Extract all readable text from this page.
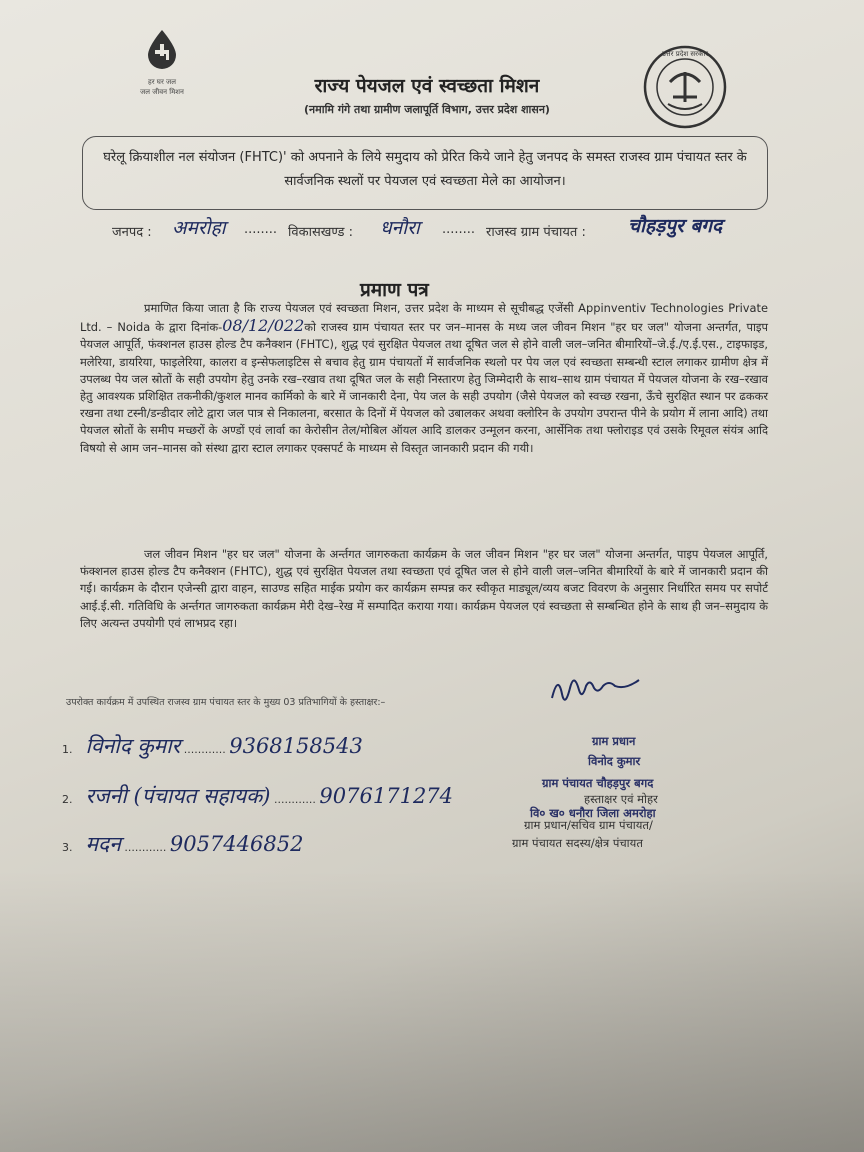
हर घर जल
जल जीवन मिशन	राज्य पेयजल एवं स्वच्छता मिशन
(नमामि गंगे तथा ग्रामीण जलापूर्ति विभाग, उत्तर प्रदेश शासन)
उत्तर प्रदेश सरकार
घरेलू क्रियाशील नल संयोजन (FHTC)' को अपनाने के लिये समुदाय को प्रेरित किये जाने हेतु जनपद के समस्त राजस्व ग्राम पंचायत स्तर के सार्वजनिक स्थलों पर पेयजल एवं स्वच्छता मेले का आयोजन।
जनपद : अमरोहा ........ विकासखण्ड : धनौरा ........ राजस्व ग्राम पंचायत : चौहड़पुर बगद
प्रमाण पत्र
प्रमाणित किया जाता है कि राज्य पेयजल एवं स्वच्छता मिशन, उत्तर प्रदेश के माध्यम से सूचीबद्ध एजेंसी Appinventiv Technologies Private Ltd. – Noida के द्वारा दिनांक-08/12/022को राजस्व ग्राम पंचायत स्तर पर जन–मानस के मध्य जल जीवन मिशन "हर घर जल" योजना अन्तर्गत, पाइप पेयजल आपूर्ति, फंक्शनल हाउस होल्ड टैप कनैक्शन (FHTC), शुद्ध एवं सुरक्षित पेयजल तथा दूषित जल से होने वाली जल–जनित बीमारियों–जे.ई./ए.ई.एस., टाइफाइड, मलेरिया, डायरिया, फाइलेरिया, कालरा व इन्सेफलाइटिस से बचाव हेतु ग्राम पंचायतों में सार्वजनिक स्थलो पर पेय जल एवं स्वच्छता सम्बन्धी स्टाल लगाकर ग्रामीण क्षेत्र में उपलब्ध पेय जल स्रोतों के सही उपयोग हेतु उनके रख–रखाव तथा दूषित जल के सही निस्तारण हेतु जिम्मेदारी के साथ–साथ ग्राम पंचायत में पेयजल योजना के रख–रखाव हेतु आवश्यक प्रशिक्षित तकनीकी/कुशल मानव कार्मिको के बारे में जानकारी देना, पेय जल के सही उपयोग (जैसे पेयजल को स्वच्छ रखना, ऊँचे सुरक्षित स्थान पर ढककर रखना तथा टस्नी/डन्डीदार लोटे द्वारा जल पात्र से निकालना, बरसात के दिनों में पेयजल को उबालकर अथवा क्लोरिन के उपयोग उपरान्त पीने के प्रयोग में लाना आदि) तथा पेयजल स्रोतों के समीप मच्छरों के अण्डों एवं लार्वा का केरोसीन तेल/मोबिल ऑयल आदि डालकर उन्मूलन करना, आर्सेनिक तथा फ्लोराइड एवं उसके रिमूवल संयंत्र आदि विषयो से आम जन–मानस को संस्था द्वारा स्टाल लगाकर एक्सपर्ट के माध्यम से विस्तृत जानकारी प्रदान की गयी।
जल जीवन मिशन "हर घर जल" योजना के अर्न्तगत जागरुकता कार्यक्रम के जल जीवन मिशन "हर घर जल" योजना अन्तर्गत, पाइप पेयजल आपूर्ति, फंक्शनल हाउस होल्ड टैप कनैक्शन (FHTC), शुद्ध एवं सुरक्षित पेयजल तथा स्वच्छता एवं दूषित जल से होने वाली जल–जनित बीमारियों के बारे में जानकारी प्रदान की गई। कार्यक्रम के दौरान एजेन्सी द्वारा वाहन, साउण्ड सहित माईक प्रयोग कर कार्यक्रम सम्पन्न कर स्वीकृत माड्यूल/व्यय बजट विवरण के अनुसार निर्धारित समय पर सपोर्ट आई.ई.सी. गतिविधि के अर्न्तगत जागरुकता कार्यक्रम मेरी देख–रेख में सम्पादित कराया गया। कार्यक्रम पेयजल एवं स्वच्छता से सम्बन्धित होने के साथ ही जन–समुदाय के लिए अत्यन्त उपयोगी एवं लाभप्रद रहा।
उपरोक्त कार्यक्रम में उपस्थित राजस्व ग्राम पंचायत स्तर के मुख्य 03 प्रतिभागियों के हस्ताक्षर:–
1. विनोद कुमार ............ 9368158543
2. रजनी (पंचायत सहायक) ............ 9076171274
3. मदन ............ 9057446852
ग्राम प्रधान
विनोद कुमार
ग्राम पंचायत चौहड़पुर बगद
हस्ताक्षर एवं मोहर
वि० ख० धनौरा जिला अमरोहा
ग्राम प्रधान/सचिव ग्राम पंचायत/
ग्राम पंचायत सदस्य/क्षेत्र पंचायत
